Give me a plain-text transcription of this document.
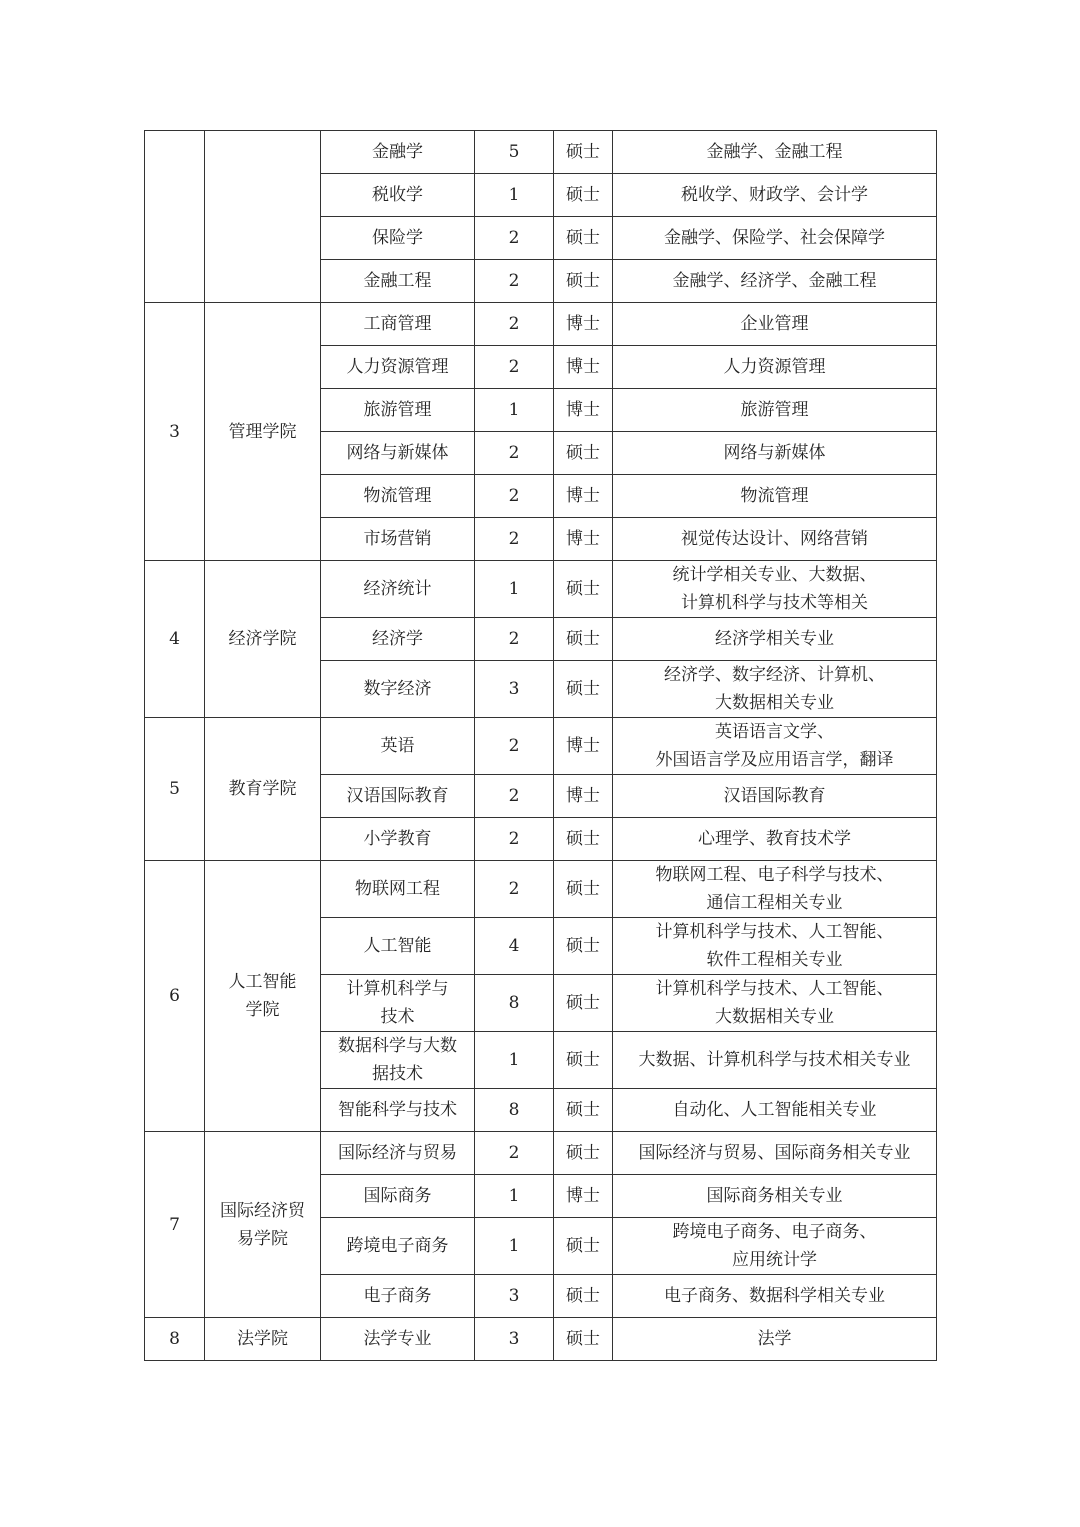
		金融学	5	硕士	金融学、金融工程

		税收学	1	硕士	税收学、财政学、会计学

		保险学	2	硕士	金融学、保险学、社会保障学

		金融工程	2	硕士	金融学、经济学、金融工程

3	管理学院	工商管理	2	博士	企业管理

		人力资源管理	2	博士	人力资源管理

		旅游管理	1	博士	旅游管理

		网络与新媒体	2	硕士	网络与新媒体

		物流管理	2	博士	物流管理

		市场营销	2	博士	视觉传达设计、网络营销

4	经济学院	经济统计	1	硕士	统计学相关专业、大数据、
计算机科学与技术等相关

		经济学	2	硕士	经济学相关专业

		数字经济	3	硕士	经济学、数字经济、计算机、
大数据相关专业

5	教育学院	英语	2	博士	英语语言文学、
外国语言学及应用语言学，翻译

		汉语国际教育	2	博士	汉语国际教育

		小学教育	2	硕士	心理学、教育技术学

6	人工智能
学院	物联网工程	2	硕士	物联网工程、电子科学与技术、
通信工程相关专业

		人工智能	4	硕士	计算机科学与技术、人工智能、
软件工程相关专业

		计算机科学与
技术	8	硕士	计算机科学与技术、人工智能、
大数据相关专业

		数据科学与大数
据技术	1	硕士	大数据、计算机科学与技术相关专业

		智能科学与技术	8	硕士	自动化、人工智能相关专业

7	国际经济贸
易学院	国际经济与贸易	2	硕士	国际经济与贸易、国际商务相关专业

		国际商务	1	博士	国际商务相关专业

		跨境电子商务	1	硕士	跨境电子商务、电子商务、
应用统计学

		电子商务	3	硕士	电子商务、数据科学相关专业

8	法学院	法学专业	3	硕士	法学
